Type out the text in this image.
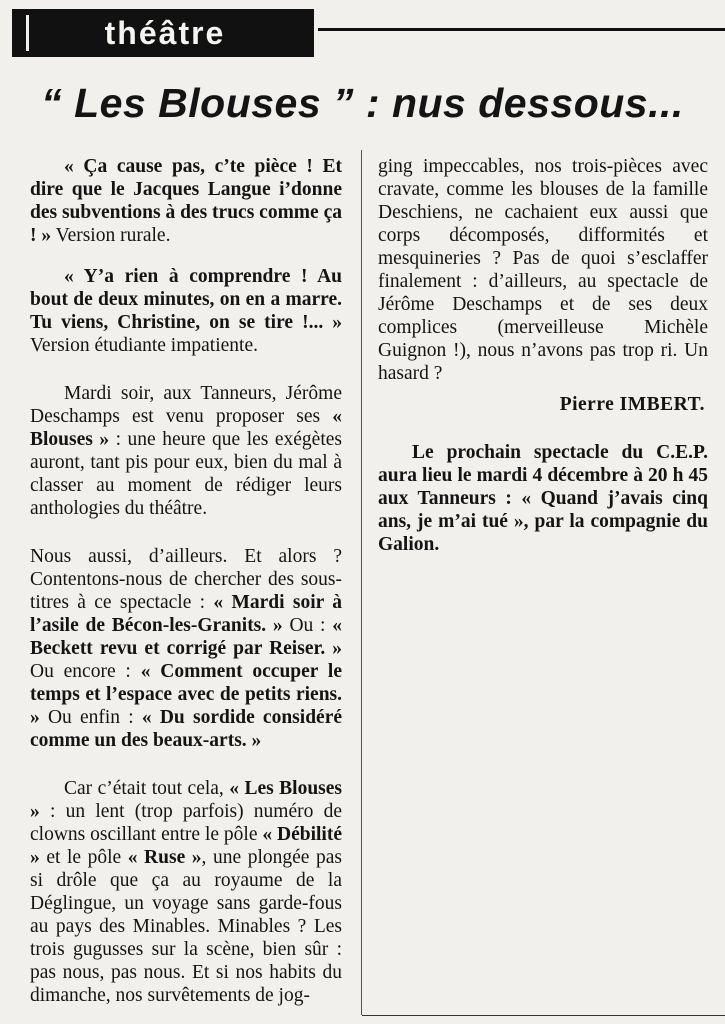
théâtre
“ Les Blouses ” : nus dessous...

« Ça cause pas, c’te pièce ! Et dire que le Jacques Langue i’donne des subventions à des trucs comme ça ! » Version rurale.

« Y’a rien à comprendre ! Au bout de deux minutes, on en a marre. Tu viens, Christine, on se tire !... » Version étudiante impatiente.

Mardi soir, aux Tanneurs, Jérôme Deschamps est venu proposer ses « Blouses » : une heure que les exégètes auront, tant pis pour eux, bien du mal à classer au moment de rédiger leurs anthologies du théâtre.

Nous aussi, d’ailleurs. Et alors ? Contentons-nous de chercher des sous-titres à ce spectacle : « Mardi soir à l’asile de Bécon-les-Granits. » Ou : « Beckett revu et corrigé par Reiser. » Ou encore : « Comment occuper le temps et l’espace avec de petits riens. » Ou enfin : « Du sordide considéré comme un des beaux-arts. »

Car c’était tout cela, « Les Blouses » : un lent (trop parfois) numéro de clowns oscillant entre le pôle « Débilité » et le pôle « Ruse », une plongée pas si drôle que ça au royaume de la Déglingue, un voyage sans garde-fous au pays des Minables. Minables ? Les trois gugusses sur la scène, bien sûr : pas nous, pas nous. Et si nos habits du dimanche, nos survêtements de jog-

ging impeccables, nos trois-pièces avec cravate, comme les blouses de la famille Deschiens, ne cachaient eux aussi que corps décomposés, difformités et mesquineries ? Pas de quoi s’esclaffer finalement : d’ailleurs, au spectacle de Jérôme Deschamps et de ses deux complices (merveilleuse Michèle Guignon !), nous n’avons pas trop ri. Un hasard ?

Pierre IMBERT.

Le prochain spectacle du C.E.P. aura lieu le mardi 4 décembre à 20 h 45 aux Tanneurs : « Quand j’avais cinq ans, je m’ai tué », par la compagnie du Galion.
